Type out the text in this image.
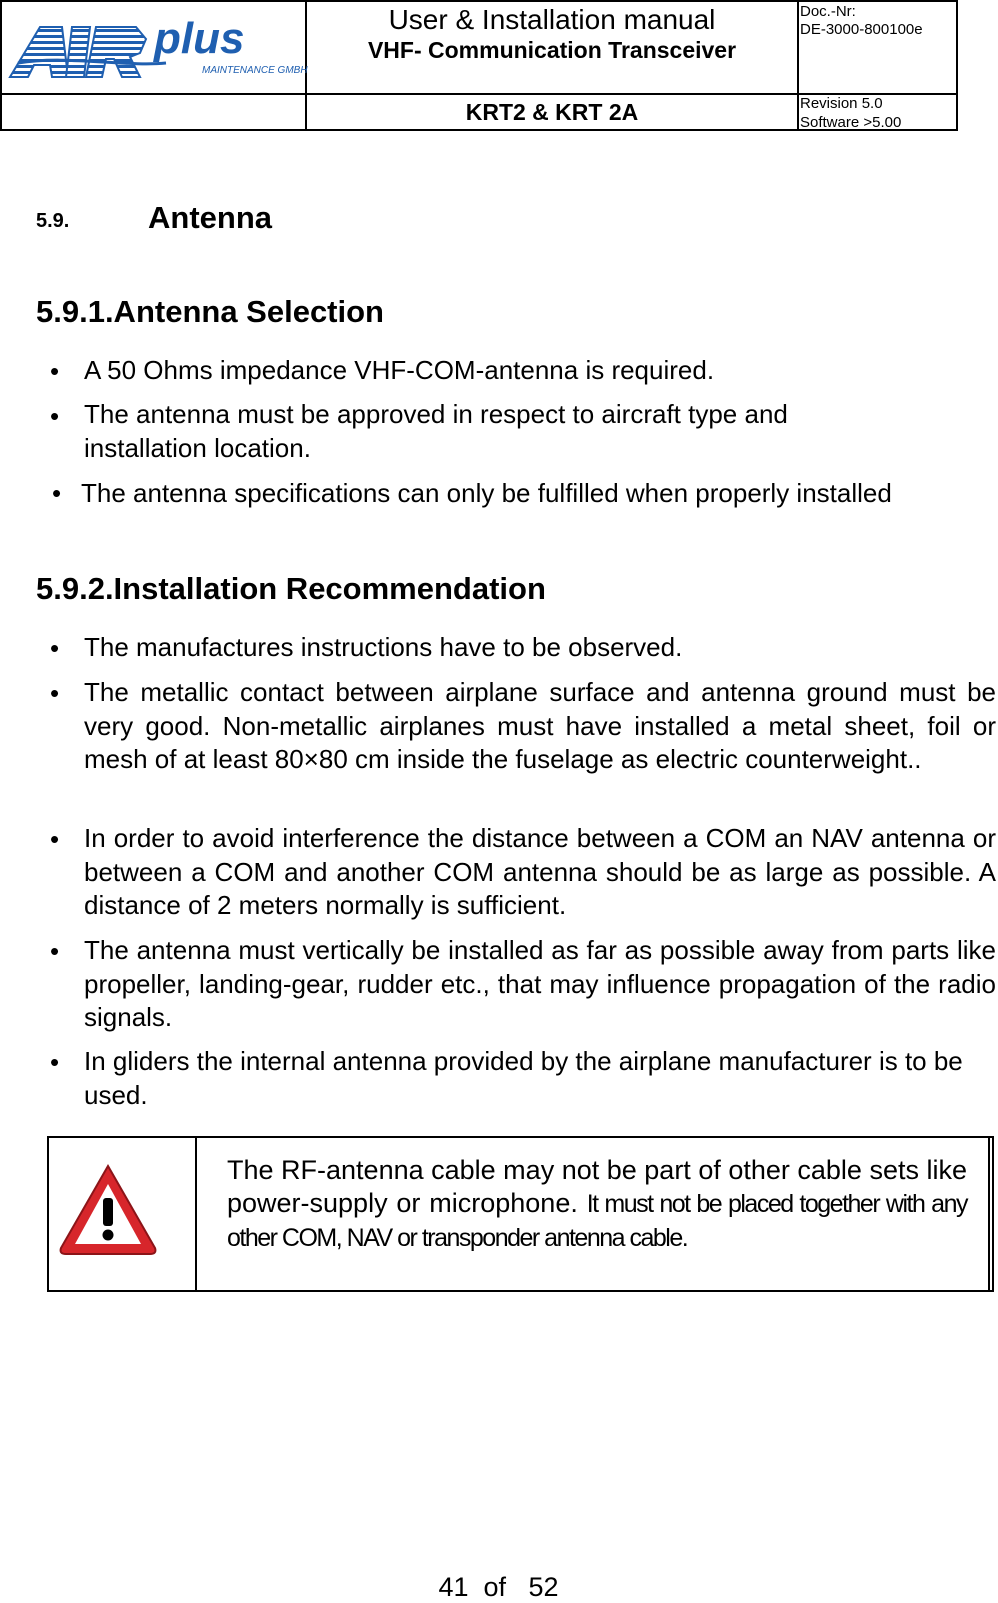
plus
MAINTENANCE GMBH
User & Installation manual
VHF- Communication Transceiver
KRT2 & KRT 2A
Doc.-Nr:
DE-3000-800100e
Revision 5.0
Software >5.00
5.9.	Antenna
5.9.1.Antenna Selection
• A 50 Ohms impedance VHF-COM-antenna is required.
• The antenna must be approved in respect to aircraft type and installation location.
• The antenna specifications can only be fulfilled when properly installed
5.9.2.Installation Recommendation
• The manufactures instructions have to be observed.
• The metallic contact between airplane surface and antenna ground must be very good. Non-metallic airplanes must have installed a metal sheet, foil or mesh of at least 80×80 cm inside the fuselage as electric counterweight..
• In order to avoid interference the distance between a COM an NAV antenna or between a COM and another COM antenna should be as large as possible. A distance of 2 meters normally is sufficient.
• The antenna must vertically be installed as far as possible away from parts like propeller, landing-gear, rudder etc., that may influence propagation of the radio signals.
• In gliders the internal antenna provided by the airplane manufacturer is to be used.
The RF-antenna cable may not be part of other cable sets like power-supply or microphone. It must not be placed together with any other COM, NAV or transponder antenna cable.
41  of   52
